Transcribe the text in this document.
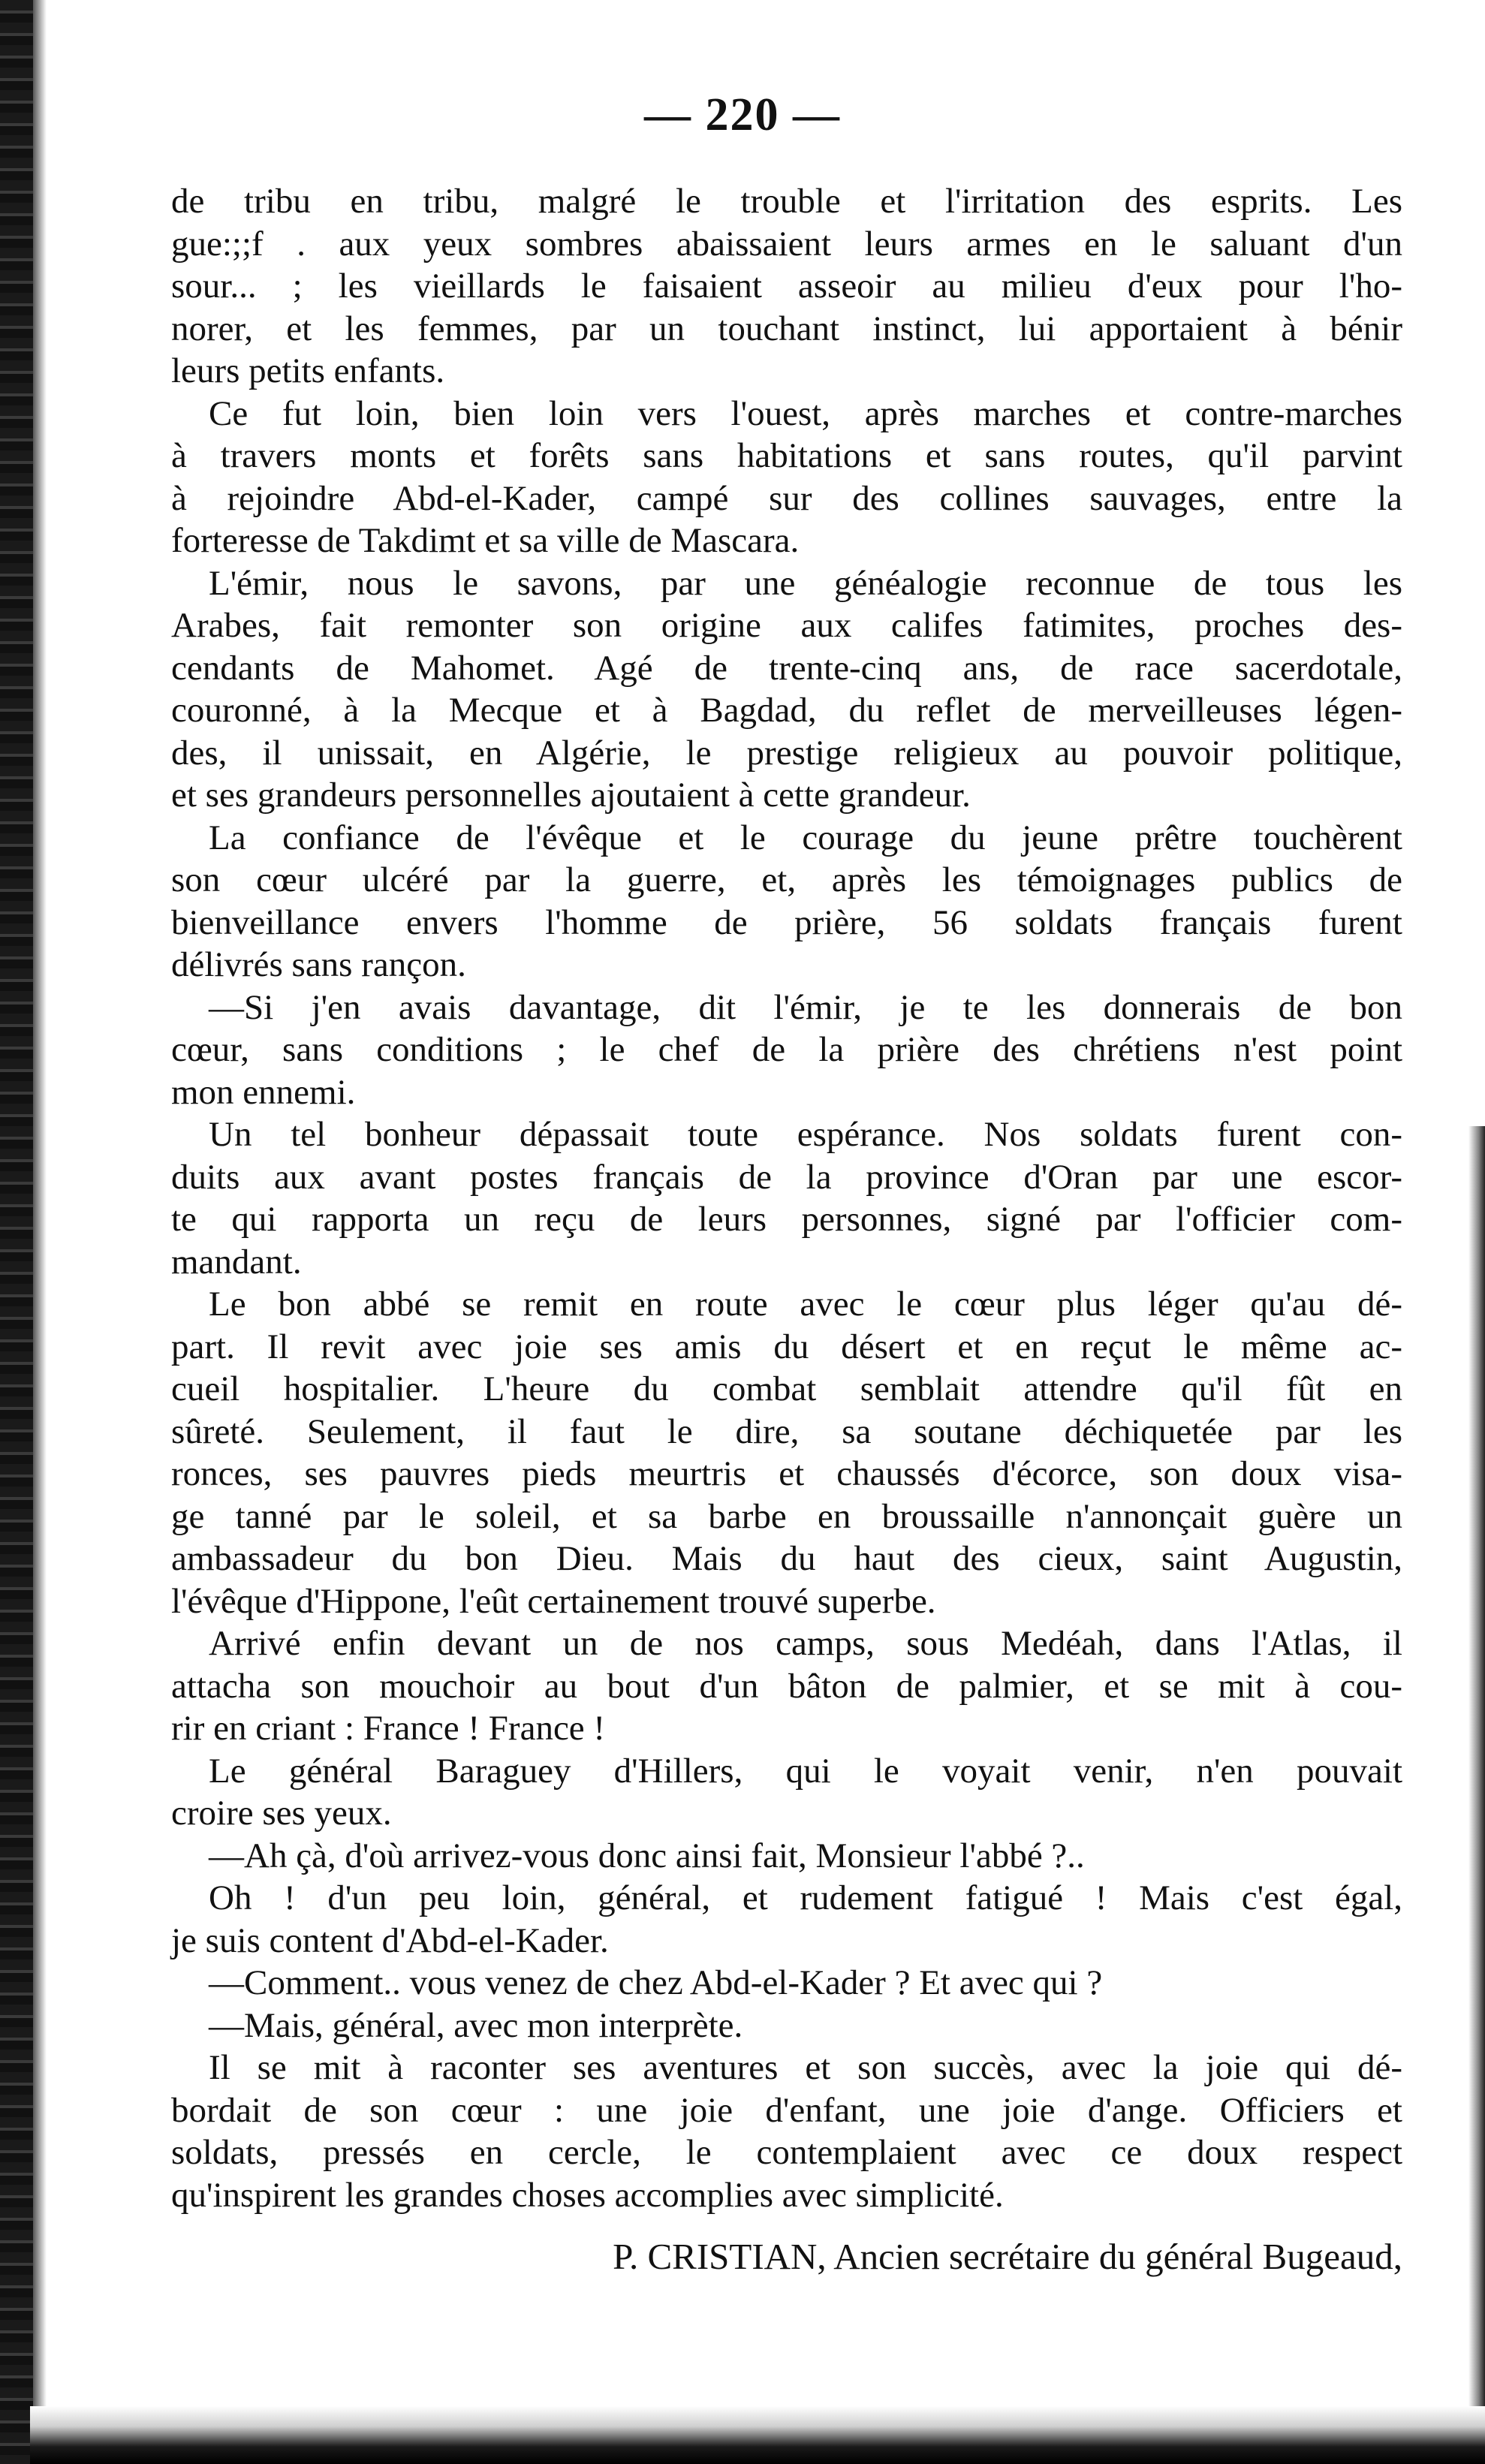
— 220 —
de tribu en tribu, malgré le trouble et l'irritation des esprits. Les
gue:;;f . aux yeux sombres abaissaient leurs armes en le saluant d'un
sour... ; les vieillards le faisaient asseoir au milieu d'eux pour l'ho-
norer, et les femmes, par un touchant instinct, lui apportaient à bénir
leurs petits enfants.
Ce fut loin, bien loin vers l'ouest, après marches et contre-marches
à travers monts et forêts sans habitations et sans routes, qu'il parvint
à rejoindre Abd-el-Kader, campé sur des collines sauvages, entre la
forteresse de Takdimt et sa ville de Mascara.
L'émir, nous le savons, par une généalogie reconnue de tous les
Arabes, fait remonter son origine aux califes fatimites, proches des-
cendants de Mahomet. Agé de trente-cinq ans, de race sacerdotale,
couronné, à la Mecque et à Bagdad, du reflet de merveilleuses légen-
des, il unissait, en Algérie, le prestige religieux au pouvoir politique,
et ses grandeurs personnelles ajoutaient à cette grandeur.
La confiance de l'évêque et le courage du jeune prêtre touchèrent
son cœur ulcéré par la guerre, et, après les témoignages publics de
bienveillance envers l'homme de prière, 56 soldats français furent
délivrés sans rançon.
—Si j'en avais davantage, dit l'émir, je te les donnerais de bon
cœur, sans conditions ; le chef de la prière des chrétiens n'est point
mon ennemi.
Un tel bonheur dépassait toute espérance. Nos soldats furent con-
duits aux avant postes français de la province d'Oran par une escor-
te qui rapporta un reçu de leurs personnes, signé par l'officier com-
mandant.
Le bon abbé se remit en route avec le cœur plus léger qu'au dé-
part. Il revit avec joie ses amis du désert et en reçut le même ac-
cueil hospitalier. L'heure du combat semblait attendre qu'il fût en
sûreté. Seulement, il faut le dire, sa soutane déchiquetée par les
ronces, ses pauvres pieds meurtris et chaussés d'écorce, son doux visa-
ge tanné par le soleil, et sa barbe en broussaille n'annonçait guère un
ambassadeur du bon Dieu. Mais du haut des cieux, saint Augustin,
l'évêque d'Hippone, l'eût certainement trouvé superbe.
Arrivé enfin devant un de nos camps, sous Medéah, dans l'Atlas, il
attacha son mouchoir au bout d'un bâton de palmier, et se mit à cou-
rir en criant : France ! France !
Le général Baraguey d'Hillers, qui le voyait venir, n'en pouvait
croire ses yeux.
—Ah çà, d'où arrivez-vous donc ainsi fait, Monsieur l'abbé ?..
Oh ! d'un peu loin, général, et rudement fatigué ! Mais c'est égal,
je suis content d'Abd-el-Kader.
—Comment.. vous venez de chez Abd-el-Kader ? Et avec qui ?
—Mais, général, avec mon interprète.
Il se mit à raconter ses aventures et son succès, avec la joie qui dé-
bordait de son cœur : une joie d'enfant, une joie d'ange. Officiers et
soldats, pressés en cercle, le contemplaient avec ce doux respect
qu'inspirent les grandes choses accomplies avec simplicité.
P. CRISTIAN, Ancien secrétaire du général Bugeaud,
